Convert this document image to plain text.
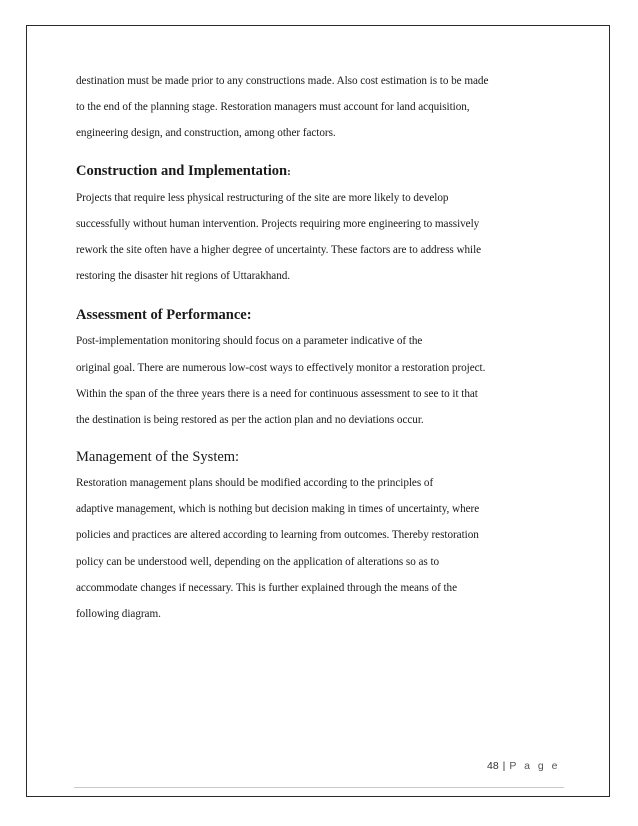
destination must be made prior to any constructions made. Also cost estimation is to be made
to the end of the planning stage. Restoration managers must account for land acquisition,
engineering design, and construction, among other factors.
Construction and Implementation:
Projects that require less physical restructuring of the site are more likely to develop
successfully without human intervention. Projects requiring more engineering to massively
rework the site often have a higher degree of uncertainty. These factors are to address while
restoring the disaster hit regions of Uttarakhand.
Assessment of Performance:
Post-implementation monitoring should focus on a parameter indicative of the
original goal. There are numerous low-cost ways to effectively monitor a restoration project.
Within the span of the three years there is a need for continuous assessment to see to it that
the destination is being restored as per the action plan and no deviations occur.
Management of the System:
Restoration management plans should be modified according to the principles of
adaptive management, which is nothing but decision making in times of uncertainty, where
policies and practices are altered according to learning from outcomes. Thereby restoration
policy can be understood well, depending on the application of alterations so as to
accommodate changes if necessary. This is further explained through the means of the
following diagram.
48 | P a g e
